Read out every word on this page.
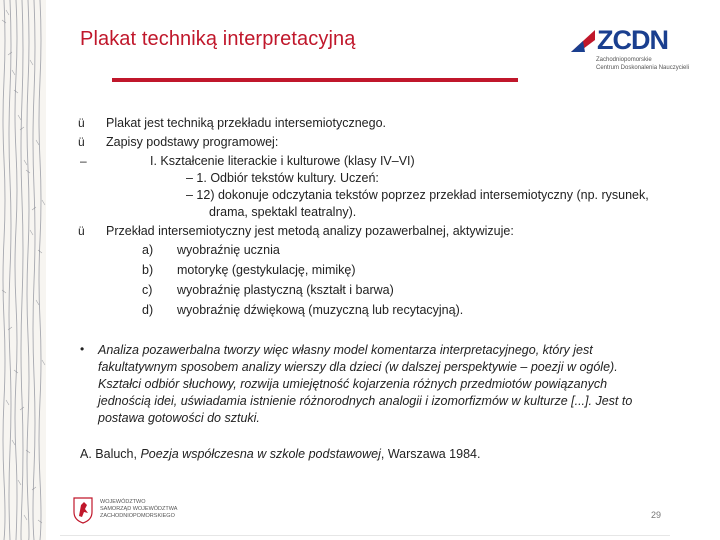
Plakat techniką interpretacyjną	ZCDN
Zachodniopomorskie
Centrum Doskonalenia Nauczycieli
ü Plakat jest techniką przekładu intersemiotycznego.
ü Zapisy podstawy programowej:
–	I. Kształcenie literackie i kulturowe (klasy IV–VI)
– 1. Odbiór tekstów kultury. Uczeń:
– 12) dokonuje odczytania tekstów poprzez przekład intersemiotyczny (np. rysunek,
drama, spektakl teatralny).
ü Przekład intersemiotyczny jest metodą analizy pozawerbalnej, aktywizuje:
a) wyobraźnię ucznia
b) motorykę (gestykulację, mimikę)
c) wyobraźnię plastyczną (kształt i barwa)
d) wyobraźnię dźwiękową (muzyczną lub recytacyjną).
• Analiza pozawerbalna tworzy więc własny model komentarza interpretacyjnego, który jest
fakultatywnym sposobem analizy wierszy dla dzieci (w dalszej perspektywie – poezji w ogóle).
Kształci odbiór słuchowy, rozwija umiejętność kojarzenia różnych przedmiotów powiązanych
jednością idei, uświadamia istnienie różnorodnych analogii i izomorfizmów w kulturze [...]. Jest to
postawa gotowości do sztuki.
A. Baluch, Poezja współczesna w szkole podstawowej, Warszawa 1984.
WOJEWÓDZTWO
SAMORZĄD WOJEWÓDZTWA
ZACHODNIOPOMORSKIEGO	29
